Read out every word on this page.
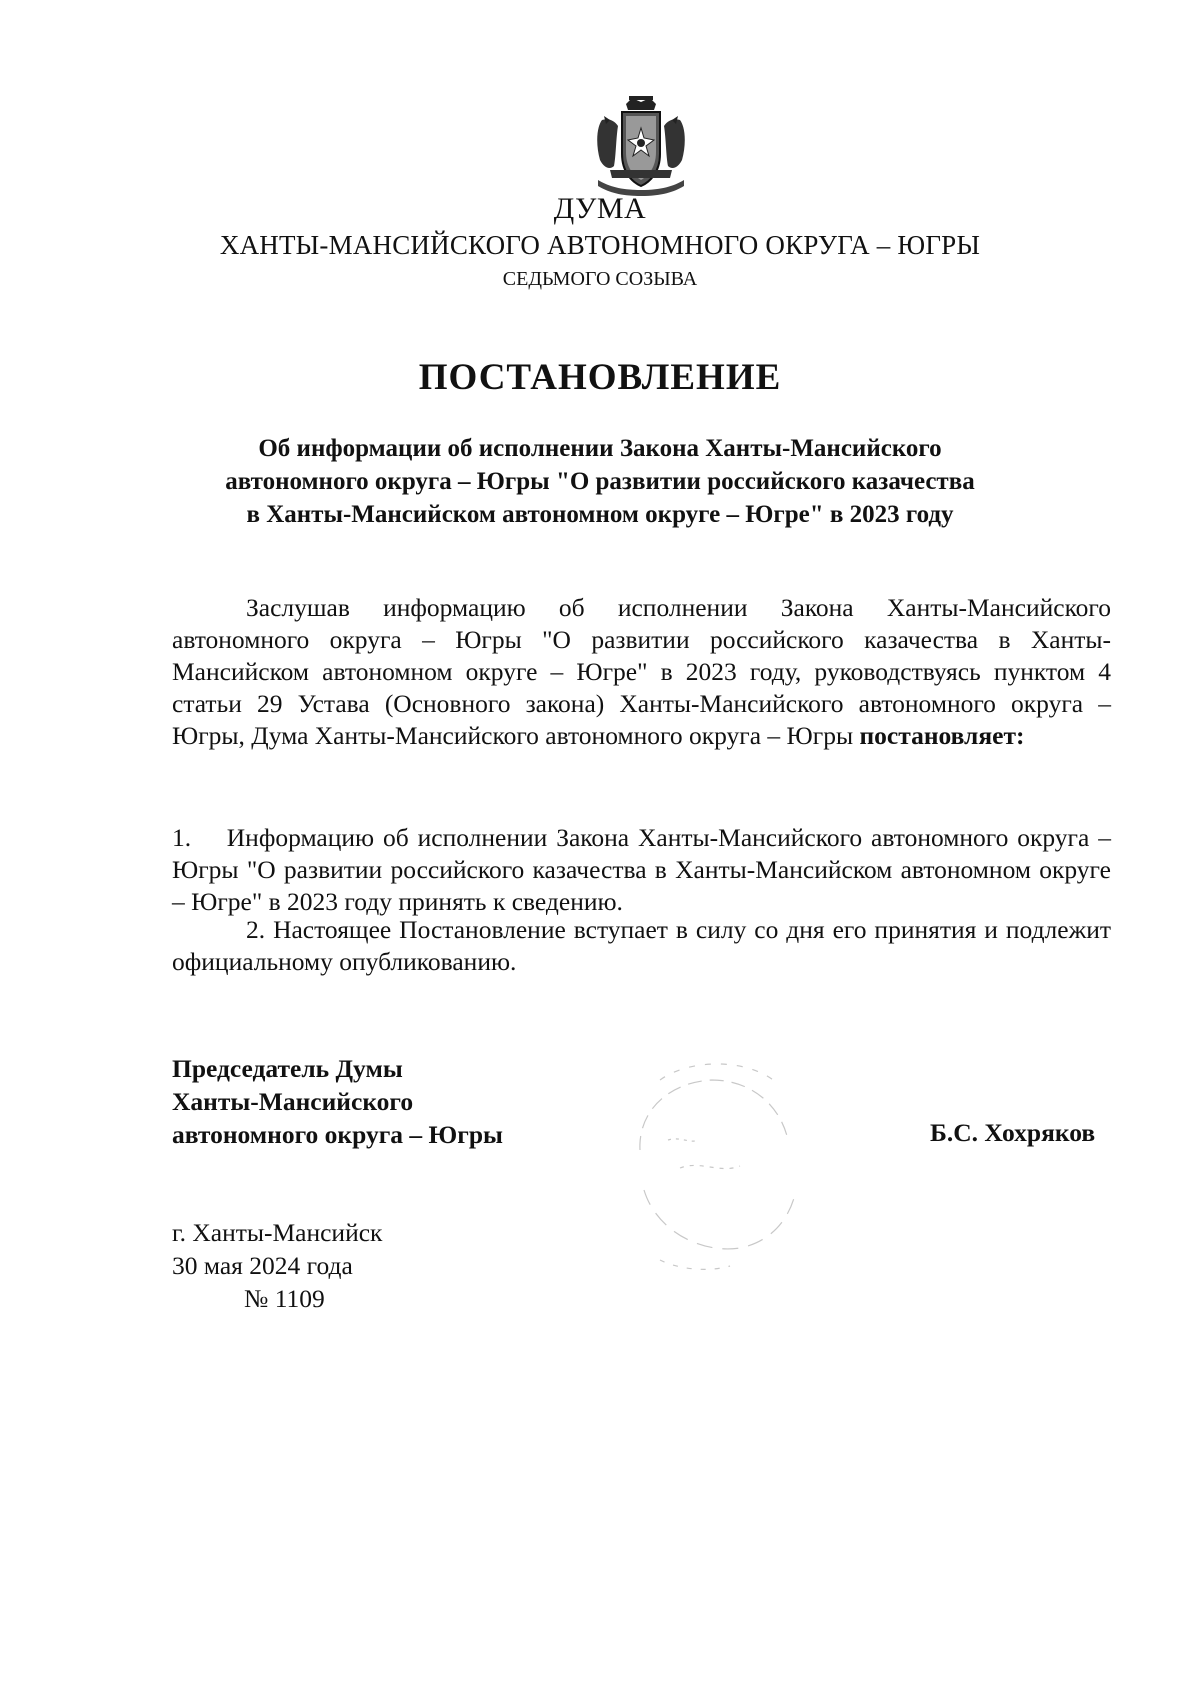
ДУМА
ХАНТЫ-МАНСИЙСКОГО АВТОНОМНОГО ОКРУГА – ЮГРЫ
СЕДЬМОГО СОЗЫВА
ПОСТАНОВЛЕНИЕ
Об информации об исполнении Закона Ханты-Мансийского
автономного округа – Югры "О развитии российского казачества
в Ханты-Мансийском автономном округе – Югре" в 2023 году
Заслушав информацию об исполнении Закона Ханты-Мансийского автономного округа – Югры "О развитии российского казачества в Ханты-Мансийском автономном округе – Югре" в 2023 году, руководствуясь пунктом 4 статьи 29 Устава (Основного закона) Ханты-Мансийского автономного округа – Югры, Дума Ханты-Мансийского автономного округа – Югры постановляет:
1. Информацию об исполнении Закона Ханты-Мансийского автономного округа – Югры "О развитии российского казачества в Ханты-Мансийском автономном округе – Югре" в 2023 году принять к сведению.
2. Настоящее Постановление вступает в силу со дня его принятия и подлежит официальному опубликованию.
Председатель Думы
Ханты-Мансийского
автономного округа – Югры	Б.С. Хохряков
г. Ханты-Мансийск
30 мая 2024 года
№ 1109
